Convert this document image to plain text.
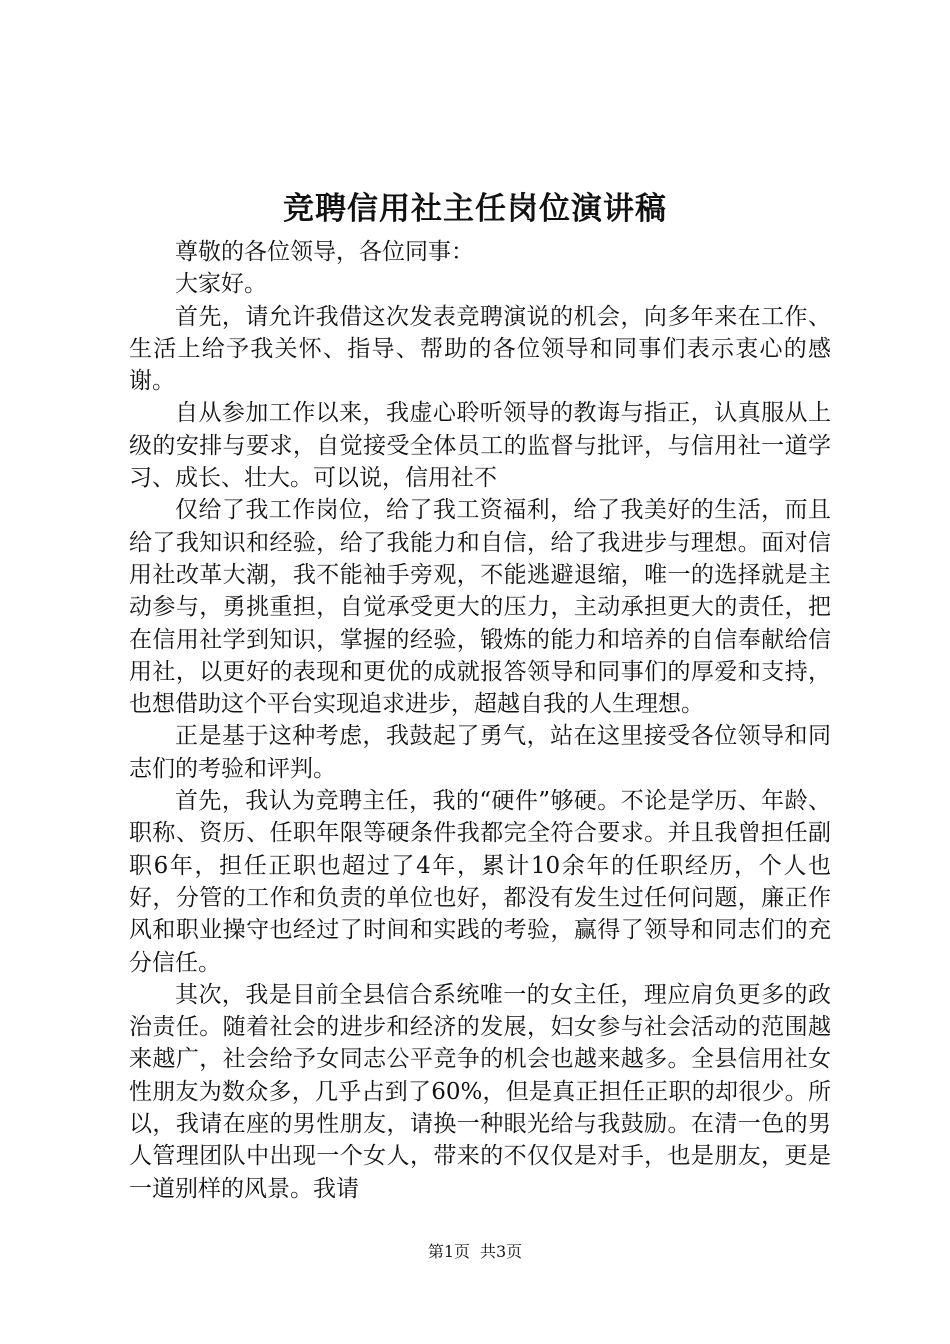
竞聘信用社主任岗位演讲稿

尊敬的各位领导，各位同事：

大家好。

首先，请允许我借这次发表竞聘演说的机会，向多年来在工作、生活上给予我关怀、指导、帮助的各位领导和同事们表示衷心的感谢。

自从参加工作以来，我虚心聆听领导的教诲与指正，认真服从上级的安排与要求，自觉接受全体员工的监督与批评，与信用社一道学习、成长、壮大。可以说，信用社不

仅给了我工作岗位，给了我工资福利，给了我美好的生活，而且给了我知识和经验，给了我能力和自信，给了我进步与理想。面对信用社改革大潮，我不能袖手旁观，不能逃避退缩，唯一的选择就是主动参与，勇挑重担，自觉承受更大的压力，主动承担更大的责任，把在信用社学到知识，掌握的经验，锻炼的能力和培养的自信奉献给信用社，以更好的表现和更优的成就报答领导和同事们的厚爱和支持，也想借助这个平台实现追求进步，超越自我的人生理想。

正是基于这种考虑，我鼓起了勇气，站在这里接受各位领导和同志们的考验和评判。

首先，我认为竞聘主任，我的“硬件”够硬。不论是学历、年龄、职称、资历、任职年限等硬条件我都完全符合要求。并且我曾担任副职6年，担任正职也超过了4年，累计10余年的任职经历，个人也好，分管的工作和负责的单位也好，都没有发生过任何问题，廉正作风和职业操守也经过了时间和实践的考验，赢得了领导和同志们的充分信任。

其次，我是目前全县信合系统唯一的女主任，理应肩负更多的政治责任。随着社会的进步和经济的发展，妇女参与社会活动的范围越来越广，社会给予女同志公平竞争的机会也越来越多。全县信用社女性朋友为数众多，几乎占到了60%，但是真正担任正职的却很少。所以，我请在座的男性朋友，请换一种眼光给与我鼓励。在清一色的男人管理团队中出现一个女人，带来的不仅仅是对手，也是朋友，更是一道别样的风景。我请

第1页 共3页
